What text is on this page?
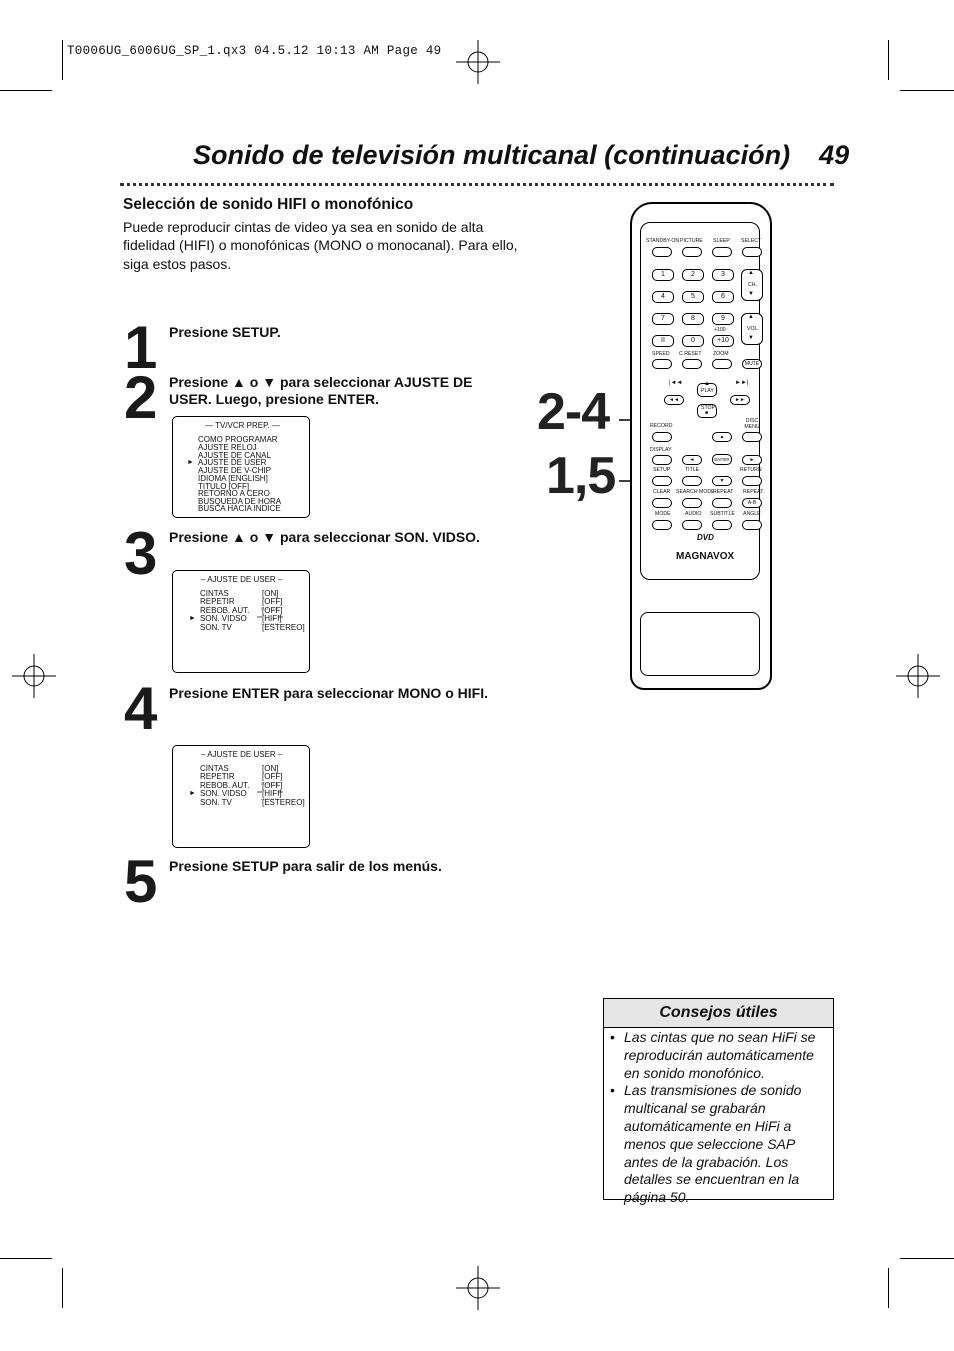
T0006UG_6006UG_SP_1.qx3 04.5.12 10:13 AM Page 49
Sonido de televisión multicanal (continuación) 49
Selección de sonido HIFI o monofónico
Puede reproducir cintas de video ya sea en sonido de alta fidelidad (HIFI) o monofónicas (MONO o monocanal). Para ello, siga estos pasos.
1 Presione SETUP.
2 Presione ▲ o ▼ para seleccionar AJUSTE DE USER. Luego, presione ENTER.
3 Presione ▲ o ▼ para seleccionar SON. VIDSO.
4 Presione ENTER para seleccionar MONO o HIFI.
5 Presione SETUP para salir de los menús.
— TV/VCR PREP. —
COMO PROGRAMAR
AJUSTE RELOJ
AJUSTE DE CANAL
► AJUSTE DE USER
AJUSTE DE V-CHIP
IDIOMA [ENGLISH]
TITULO [OFF]
RETORNO A CERO
BUSQUEDA DE HORA
BUSCA HACIA INDICE
– AJUSTE DE USER –
CINTAS	[ON]
REPETIR	[OFF]
REBOB. AUT. [OFF]
► SON. VIDSO [HIFI]
SON. TV	[ESTEREO]
– AJUSTE DE USER –
CINTAS	[ON]
REPETIR	[OFF]
REBOB. AUT. [OFF]
► SON. VIDSO [HIFI]
SON. TV	[ESTEREO]
2-4
1,5
STANDBY-ON PICTURE SLEEP SELECT
1	2	3
4	5	6
7	8	9
+100
II	0	+10
▲
CH.
▼
▲
VOL.
▼
SPEED C.RESET ZOOM
MUTE
|◄◄	►►|
◄◄
▲
PLAY
►►
STOP
■
RECORD
DISC MENU
▲
DISPLAY
◄	ENTER	►
SETUP	TITLE	RETURN
▼
CLEAR SEARCH MODE
REPEAT REPEAT
A-B
MODE	AUDIO SUBTITLE ANGLE
DVD
MAGNAVOX
Consejos útiles
• Las cintas que no sean HiFi se reproducirán automáticamente en sonido monofónico.
• Las transmisiones de sonido multicanal se grabarán automáticamente en HiFi a menos que seleccione SAP antes de la grabación. Los detalles se encuentran en la página 50.
